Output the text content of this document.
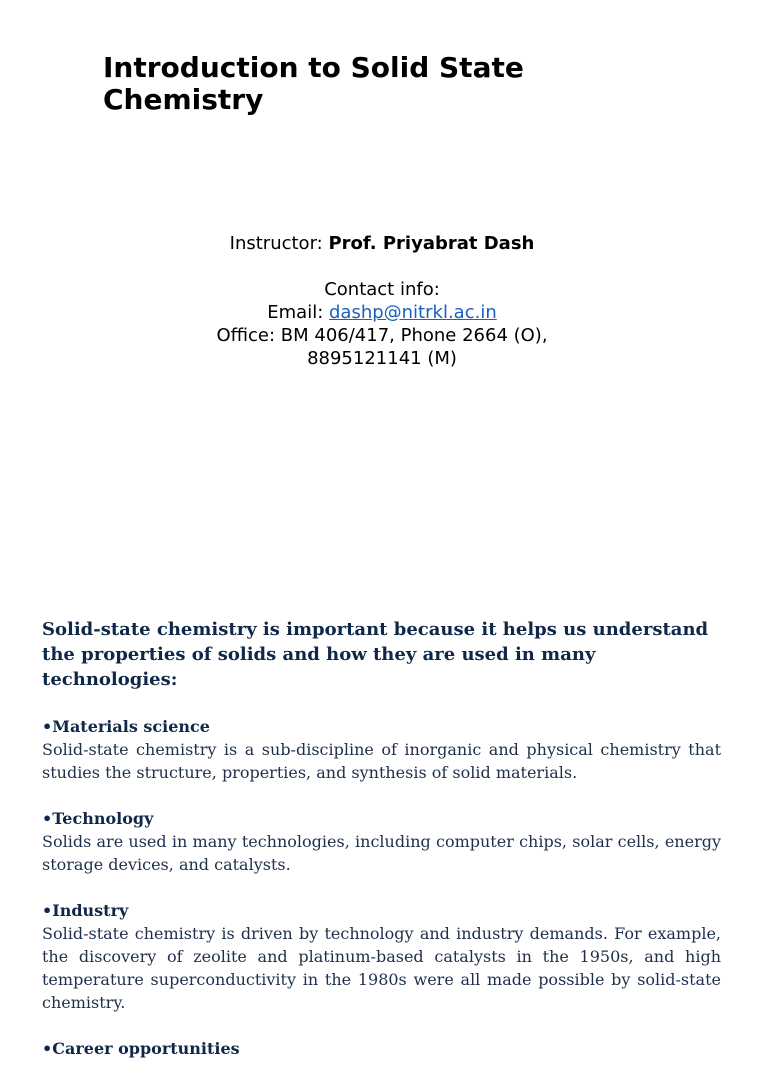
Introduction to Solid State Chemistry
Instructor: Prof. Priyabrat Dash
Contact info:
Email: dashp@nitrkl.ac.in
Office: BM 406/417, Phone 2664 (O),
8895121141 (M)

Solid-state chemistry is important because it helps us understand the properties of solids and how they are used in many technologies:

•Materials science
Solid-state chemistry is a sub-discipline of inorganic and physical chemistry that studies the structure, properties, and synthesis of solid materials.
•Technology
Solids are used in many technologies, including computer chips, solar cells, energy storage devices, and catalysts.
•Industry
Solid-state chemistry is driven by technology and industry demands. For example, the discovery of zeolite and platinum-based catalysts in the 1950s, and high temperature superconductivity in the 1980s were all made possible by solid-state chemistry.
•Career opportunities
